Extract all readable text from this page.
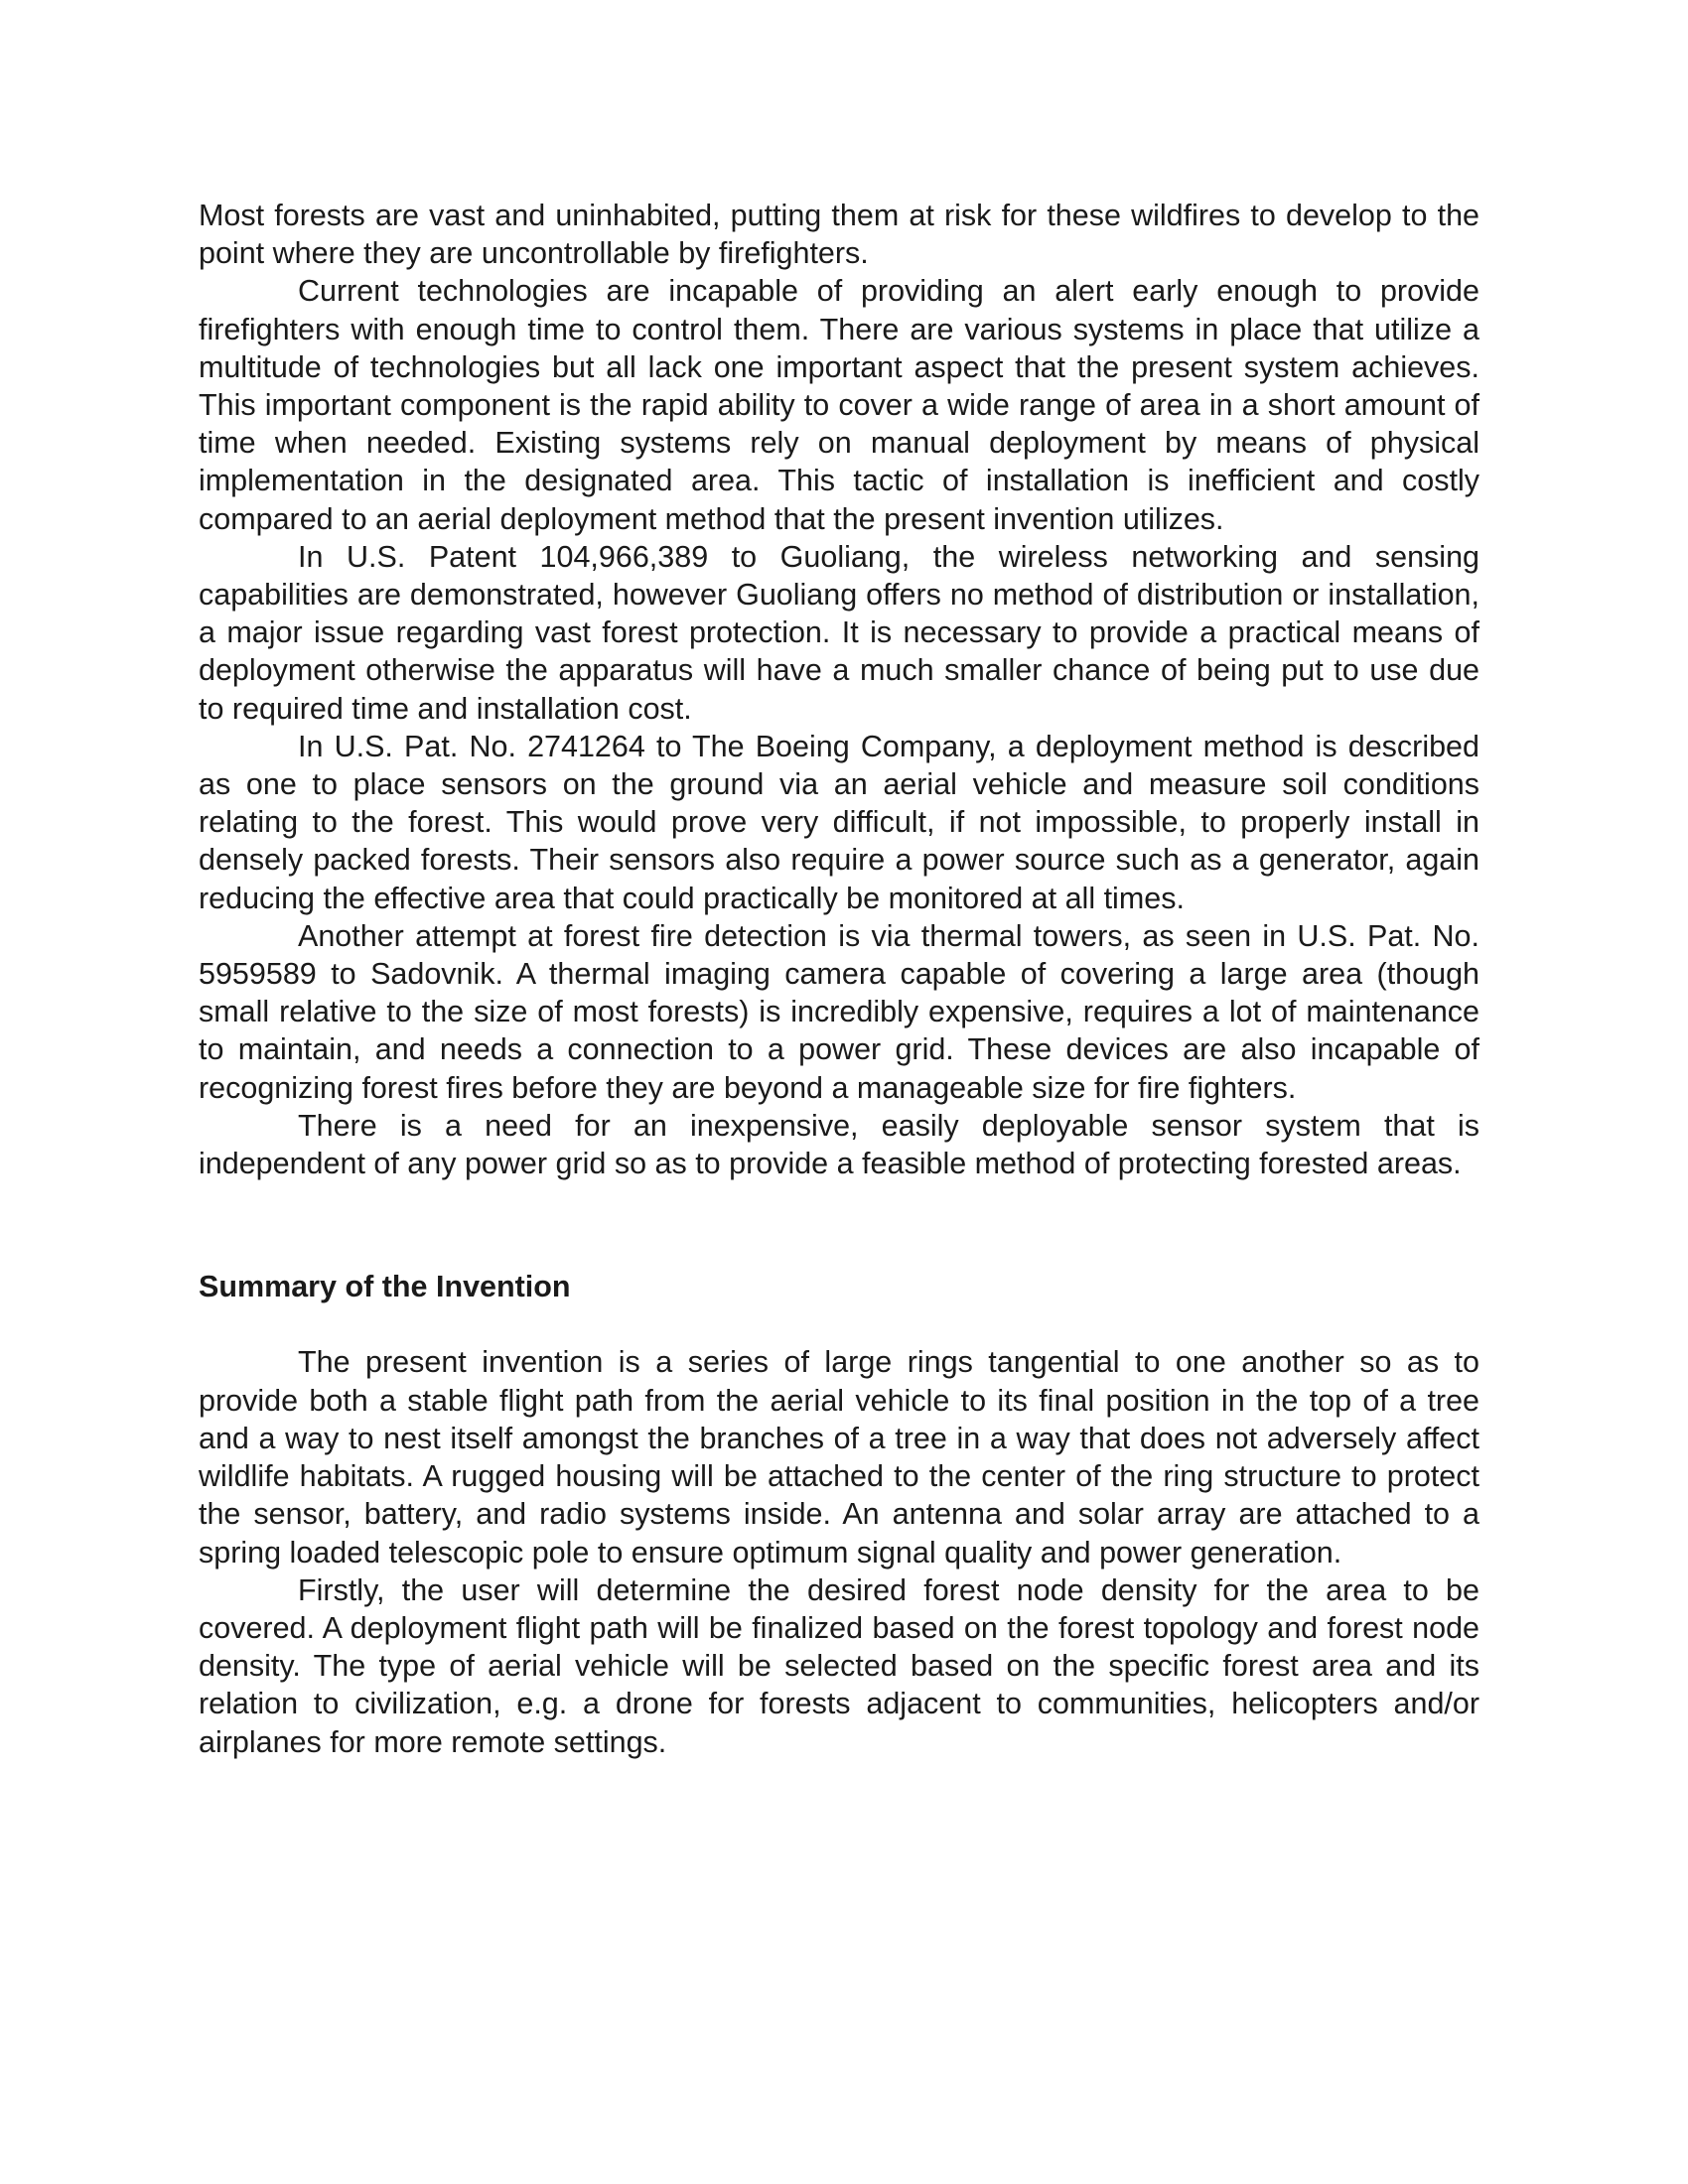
Most forests are vast and uninhabited, putting them at risk for these wildfires to develop to the point where they are uncontrollable by firefighters.

Current technologies are incapable of providing an alert early enough to provide firefighters with enough time to control them. There are various systems in place that utilize a multitude of technologies but all lack one important aspect that the present system achieves. This important component is the rapid ability to cover a wide range of area in a short amount of time when needed. Existing systems rely on manual deployment by means of physical implementation in the designated area. This tactic of installation is inefficient and costly compared to an aerial deployment method that the present invention utilizes.

In U.S. Patent 104,966,389 to Guoliang, the wireless networking and sensing capabilities are demonstrated, however Guoliang offers no method of distribution or installation, a major issue regarding vast forest protection. It is necessary to provide a practical means of deployment otherwise the apparatus will have a much smaller chance of being put to use due to required time and installation cost.

In U.S. Pat. No. 2741264 to The Boeing Company, a deployment method is described as one to place sensors on the ground via an aerial vehicle and measure soil conditions relating to the forest. This would prove very difficult, if not impossible, to properly install in densely packed forests. Their sensors also require a power source such as a generator, again reducing the effective area that could practically be monitored at all times.

Another attempt at forest fire detection is via thermal towers, as seen in U.S. Pat. No. 5959589 to Sadovnik. A thermal imaging camera capable of covering a large area (though small relative to the size of most forests) is incredibly expensive, requires a lot of maintenance to maintain, and needs a connection to a power grid. These devices are also incapable of recognizing forest fires before they are beyond a manageable size for fire fighters.

There is a need for an inexpensive, easily deployable sensor system that is independent of any power grid so as to provide a feasible method of protecting forested areas.

Summary of the Invention

The present invention is a series of large rings tangential to one another so as to provide both a stable flight path from the aerial vehicle to its final position in the top of a tree and a way to nest itself amongst the branches of a tree in a way that does not adversely affect wildlife habitats. A rugged housing will be attached to the center of the ring structure to protect the sensor, battery, and radio systems inside. An antenna and solar array are attached to a spring loaded telescopic pole to ensure optimum signal quality and power generation.

Firstly, the user will determine the desired forest node density for the area to be covered. A deployment flight path will be finalized based on the forest topology and forest node density. The type of aerial vehicle will be selected based on the specific forest area and its relation to civilization, e.g. a drone for forests adjacent to communities, helicopters and/or airplanes for more remote settings.
